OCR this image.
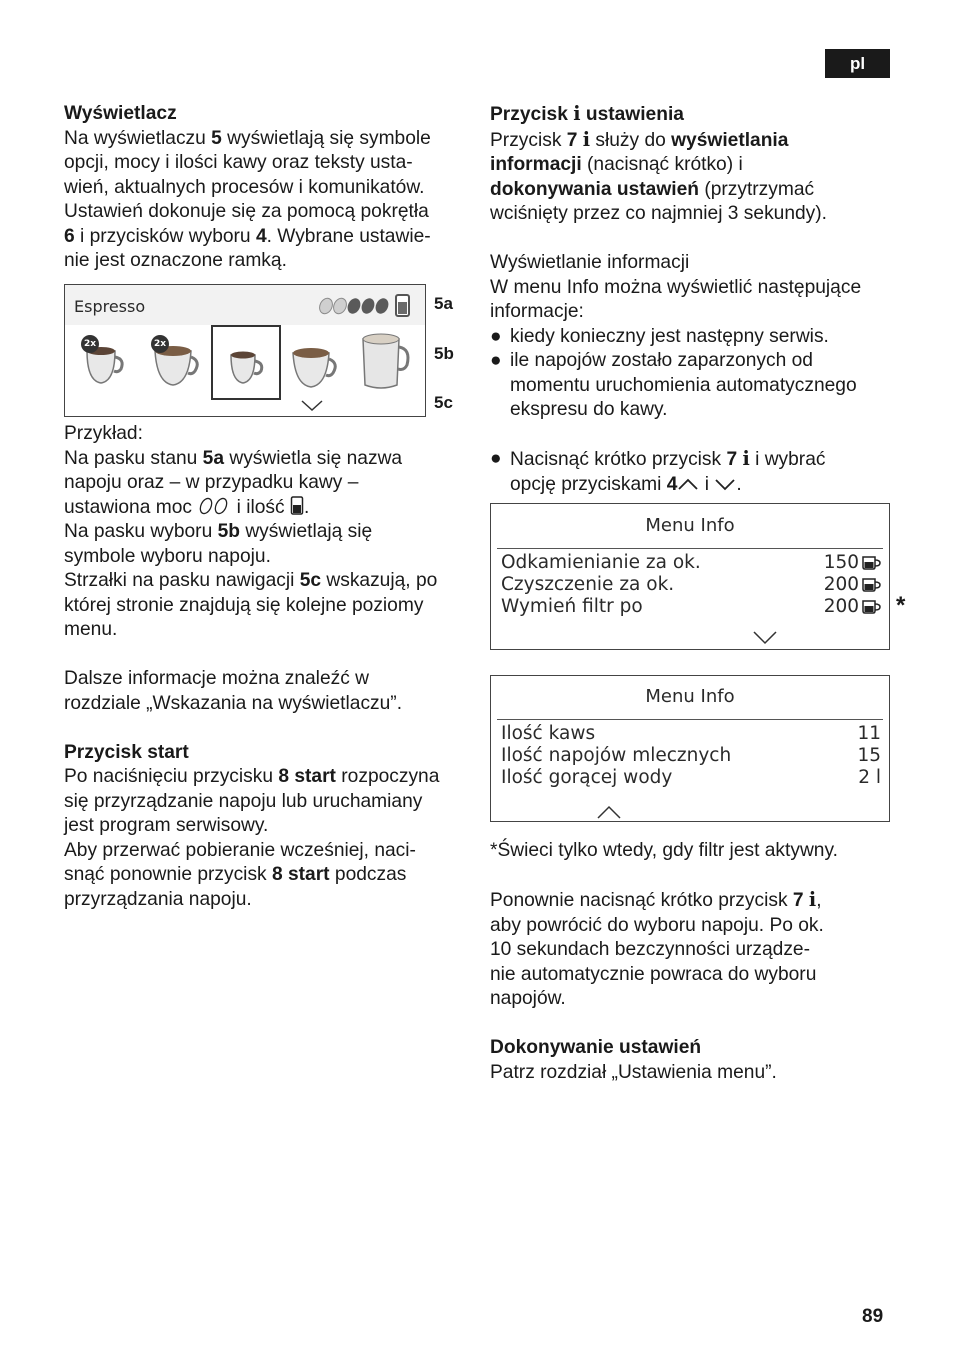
pl

Wyświetlacz

Na wyświetlaczu 5 wyświetlają się symbole

opcji, mocy i ilości kawy oraz teksty usta-

wień, aktualnych procesów i komunikatów.

Ustawień dokonuje się za pomocą pokrętła

6 i przycisków wyboru 4. Wybrane ustawie-

nie jest oznaczone ramką.

Espresso
2x	2x
5a
5b
5c

Przykład:

Na pasku stanu 5a wyświetla się nazwa

napoju oraz – w przypadku kawy –

ustawiona moc  i ilość .

Na pasku wyboru 5b wyświetlają się

symbole wyboru napoju.

Strzałki na pasku nawigacji 5c wskazują, po

której stronie znajdują się kolejne poziomy

menu.

Dalsze informacje można znaleźć w

rozdziale „Wskazania na wyświetlaczu”.

Przycisk start

Po naciśnięciu przycisku 8 start rozpoczyna

się przyrządzanie napoju lub uruchamiany

jest program serwisowy.

Aby przerwać pobieranie wcześniej, naci-

snąć ponownie przycisk 8 start podczas

przyrządzania napoju.

Przycisk i ustawienia

Przycisk 7 i służy do wyświetlania

informacji (nacisnąć krótko) i

dokonywania ustawień (przytrzymać

wciśnięty przez co najmniej 3 sekundy).

Wyświetlanie informacji

W menu Info można wyświetlić następujące

informacje:

● kiedy konieczny jest następny serwis.
● ile napojów zostało zaparzonych od
momentu uruchomienia automatycznego
ekspresu do kawy.
● Nacisnąć krótko przycisk 7 i i wybrać
opcję przyciskami 4 i .
Menu Info
Odkamienianie za ok.	150
Czyszczenie za ok.	200
Wymień filtr po	200 *
Menu Info
Ilość kaws	11
Ilość napojów mlecznych	15
Ilość gorącej wody	2 l

*Świeci tylko wtedy, gdy filtr jest aktywny.

Ponownie nacisnąć krótko przycisk 7 i,

aby powrócić do wyboru napoju. Po ok.

10 sekundach bezczynności urządze-

nie automatycznie powraca do wyboru

napojów.

Dokonywanie ustawień

Patrz rozdział „Ustawienia menu”.

89
